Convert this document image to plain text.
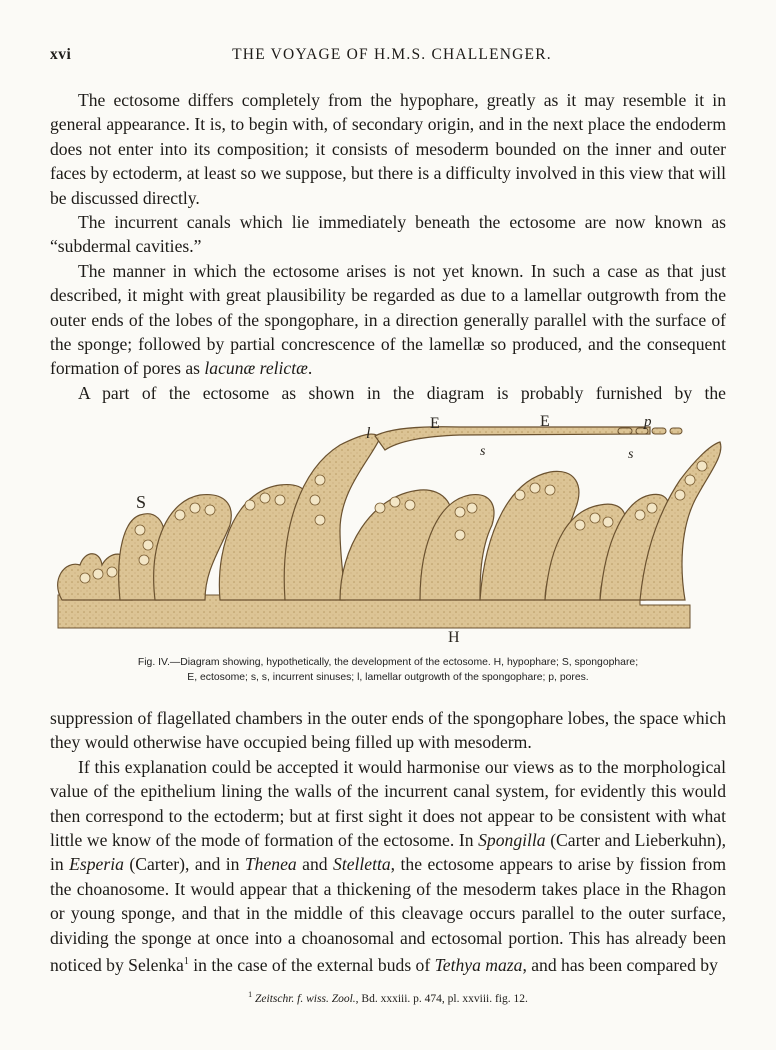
xvi	THE VOYAGE OF H.M.S. CHALLENGER.

The ectosome differs completely from the hypophare, greatly as it may resemble it in general appearance. It is, to begin with, of secondary origin, and in the next place the endoderm does not enter into its composition; it consists of mesoderm bounded on the inner and outer faces by ectoderm, at least so we suppose, but there is a difficulty involved in this view that will be discussed directly.

The incurrent canals which lie immediately beneath the ectosome are now known as “subdermal cavities.”

The manner in which the ectosome arises is not yet known. In such a case as that just described, it might with great plausibility be regarded as due to a lamellar outgrowth from the outer ends of the lobes of the spongophare, in a direction generally parallel with the surface of the sponge; followed by partial concrescence of the lamellæ so produced, and the consequent formation of pores as lacunæ relictæ.

A part of the ectosome as shown in the diagram is probably furnished by the

S
l
E	E	p
s	s
H

Fig. IV.—Diagram showing, hypothetically, the development of the ectosome. H, hypophare; S, spongophare;

E, ectosome; s, s, incurrent sinuses; l, lamellar outgrowth of the spongophare; p, pores.

suppression of flagellated chambers in the outer ends of the spongophare lobes, the space which they would otherwise have occupied being filled up with mesoderm.

If this explanation could be accepted it would harmonise our views as to the morphological value of the epithelium lining the walls of the incurrent canal system, for evidently this would then correspond to the ectoderm; but at first sight it does not appear to be consistent with what little we know of the mode of formation of the ectosome. In Spongilla (Carter and Lieberkuhn), in Esperia (Carter), and in Thenea and Stelletta, the ectosome appears to arise by fission from the choanosome. It would appear that a thickening of the mesoderm takes place in the Rhagon or young sponge, and that in the middle of this cleavage occurs parallel to the outer surface, dividing the sponge at once into a choanosomal and ectosomal portion. This has already been noticed by Selenka$^1$ in the case of the external buds of Tethya maza, and has been compared by

$^1$ Zeitschr. f. wiss. Zool., Bd. xxxiii. p. 474, pl. xxviii. fig. 12.
